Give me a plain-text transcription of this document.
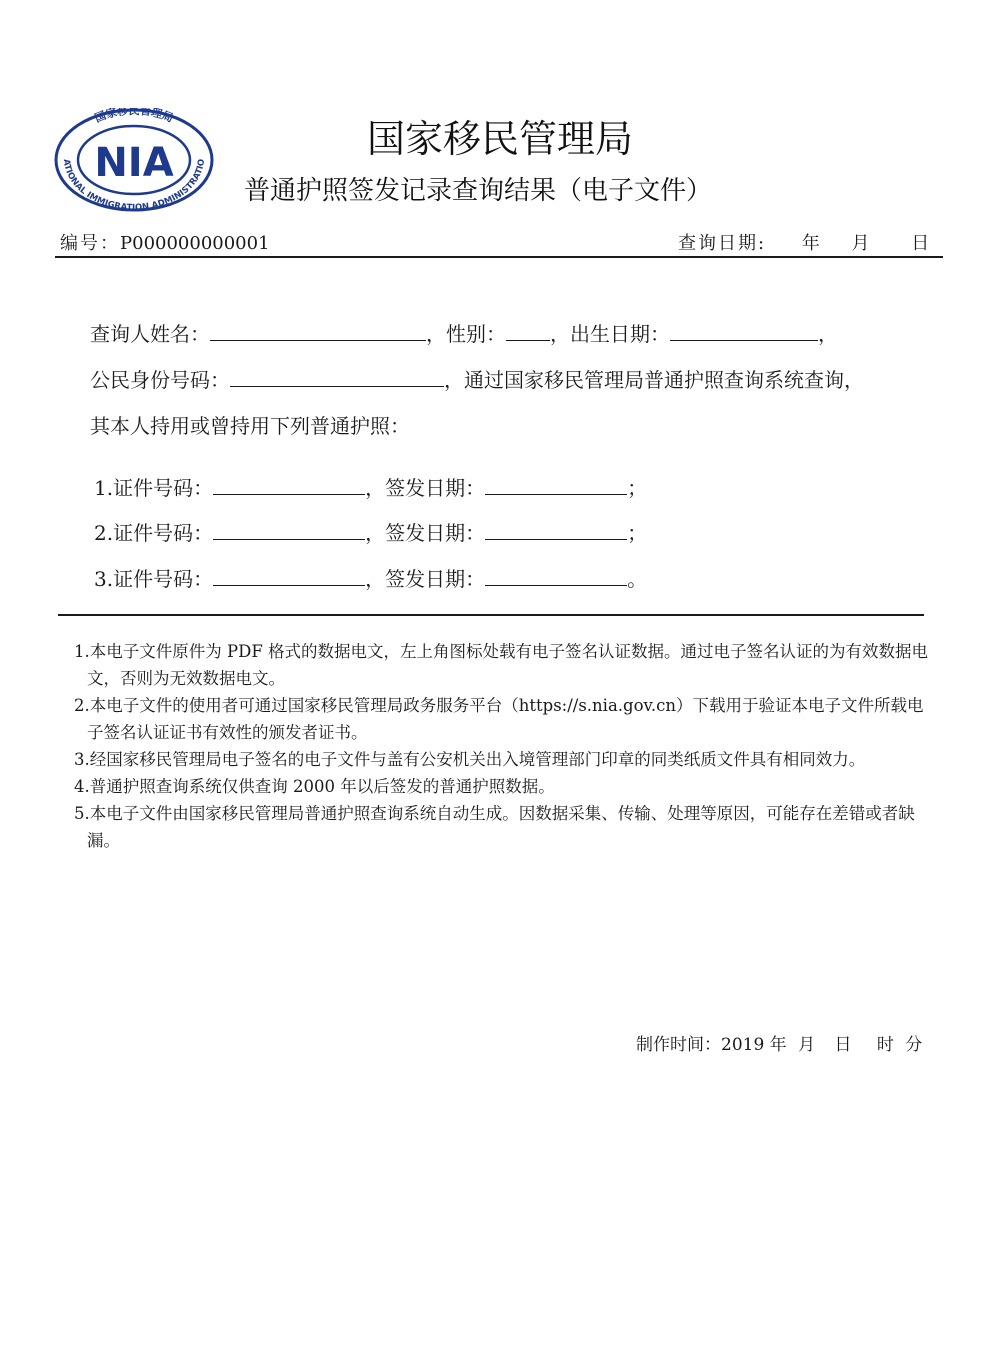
国家移民管理局
ATIONAL IMMIGRATION ADMINISTRATIO
NIA
国家移民管理局
普通护照签发记录查询结果（电子文件）
编号：P000000000001	查询日期: 年 月 日
查询人姓名：	，性别： ，出生日期：	，
公民身份号码：	，通过国家移民管理局普通护照查询系统查询，
其本人持用或曾持用下列普通护照：
1.证件号码：	，签发日期：	；
2.证件号码：	，签发日期：	；
3.证件号码：	，签发日期：	。

1.本电子文件原件为 PDF 格式的数据电文，左上角图标处载有电子签名认证数据。通过电子签名认证的为有效数据电文，否则为无效数据电文。

2.本电子文件的使用者可通过国家移民管理局政务服务平台（https://s.nia.gov.cn）下载用于验证本电子文件所载电子签名认证证书有效性的颁发者证书。

3.经国家移民管理局电子签名的电子文件与盖有公安机关出入境管理部门印章的同类纸质文件具有相同效力。

4.普通护照查询系统仅供查询 2000 年以后签发的普通护照数据。

5.本电子文件由国家移民管理局普通护照查询系统自动生成。因数据采集、传输、处理等原因，可能存在差错或者缺漏。

制作时间：2019 年 月 日 时 分
